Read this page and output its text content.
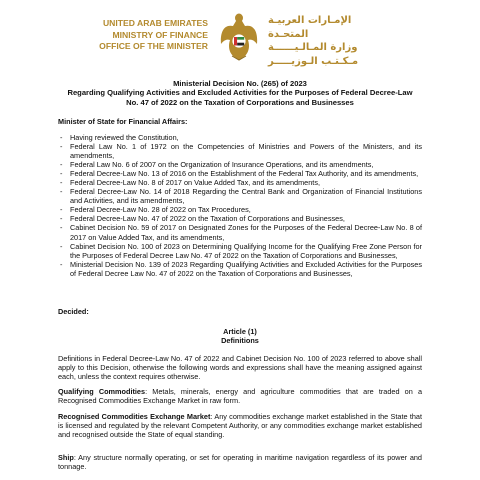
UNITED ARAB EMIRATES
MINISTRY OF FINANCE
OFFICE OF THE MINISTER
الإمـارات العربيـة المتحـدة
وزارة المـالـيــــــة
مـكـتـب الـوزيـــــر
Ministerial Decision No. (265) of 2023
Regarding Qualifying Activities and Excluded Activities for the Purposes of Federal Decree-Law
No. 47 of 2022 on the Taxation of Corporations and Businesses
Minister of State for Financial Affairs:
- Having reviewed the Constitution,
- Federal Law No. 1 of 1972 on the Competencies of Ministries and Powers of the Ministers, and its amendments,
- Federal Law No. 6 of 2007 on the Organization of Insurance Operations, and its amendments,
- Federal Decree-Law No. 13 of 2016 on the Establishment of the Federal Tax Authority, and its amendments,
- Federal Decree-Law No. 8 of 2017 on Value Added Tax, and its amendments,
- Federal Decree-Law No. 14 of 2018 Regarding the Central Bank and Organization of Financial Institutions and Activities, and its amendments,
- Federal Decree-Law No. 28 of 2022 on Tax Procedures,
- Federal Decree-Law No. 47 of 2022 on the Taxation of Corporations and Businesses,
- Cabinet Decision No. 59 of 2017 on Designated Zones for the Purposes of the Federal Decree-Law No. 8 of 2017 on Value Added Tax, and its amendments,
- Cabinet Decision No. 100 of 2023 on Determining Qualifying Income for the Qualifying Free Zone Person for the Purposes of Federal Decree Law No. 47 of 2022 on the Taxation of Corporations and Businesses,
- Ministerial Decision No. 139 of 2023 Regarding Qualifying Activities and Excluded Activities for the Purposes of Federal Decree Law No. 47 of 2022 on the Taxation of Corporations and Businesses,
Decided:
Article (1)
Definitions
Definitions in Federal Decree-Law No. 47 of 2022 and Cabinet Decision No. 100 of 2023 referred to above shall apply to this Decision, otherwise the following words and expressions shall have the meaning assigned against each, unless the context requires otherwise.
Qualifying Commodities: Metals, minerals, energy and agriculture commodities that are traded on a Recognised Commodities Exchange Market in raw form.
Recognised Commodities Exchange Market: Any commodities exchange market established in the State that is licensed and regulated by the relevant Competent Authority, or any commodities exchange market established and recognised outside the State of equal standing.
Ship: Any structure normally operating, or set for operating in maritime navigation regardless of its power and tonnage.
